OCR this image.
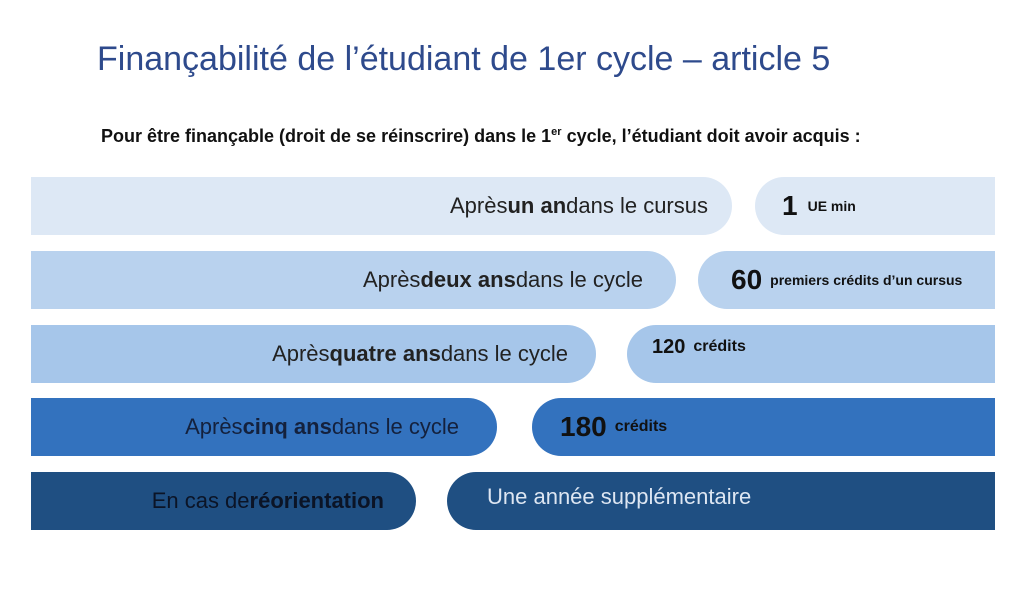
Finançabilité de l’étudiant de 1er cycle – article 5
Pour être finançable (droit de se réinscrire) dans le 1er cycle, l’étudiant doit avoir acquis :
Après un an dans le cursus	1 UE min
Après deux ans dans le cycle	60 premiers crédits d’un cursus
Après quatre ans dans le cycle	120 crédits
Après cinq ans dans le cycle	180 crédits
En cas de réorientation	Une année supplémentaire
